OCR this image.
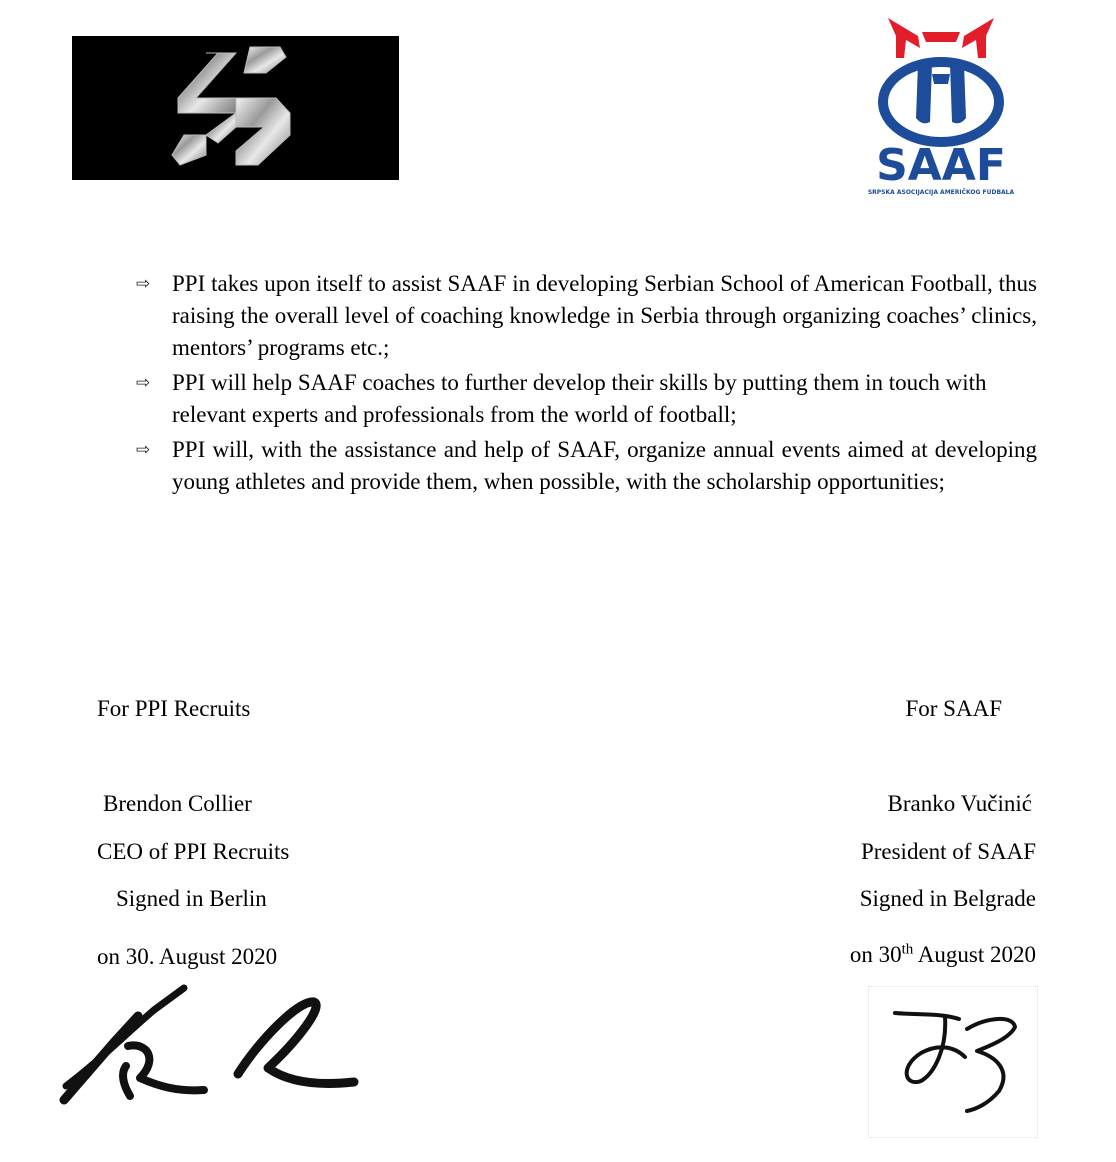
SAAF
SRPSKA ASOCIJACIJA AMERIČKOG FUDBALA
⇨ PPI takes upon itself to assist SAAF in developing Serbian School of American Football, thus raising the overall level of coaching knowledge in Serbia through organizing coaches’ clinics, mentors’ programs etc.;
⇨ PPI will help SAAF coaches to further develop their skills by putting them in touch with relevant experts and professionals from the world of football;
⇨ PPI will, with the assistance and help of SAAF, organize annual events aimed at developing young athletes and provide them, when possible, with the scholarship opportunities;
For PPI Recruits
Brendon Collier
CEO of PPI Recruits
Signed in Berlin
on 30. August 2020
For SAAF
Branko Vučinić
President of SAAF
Signed in Belgrade
on 30th August 2020
